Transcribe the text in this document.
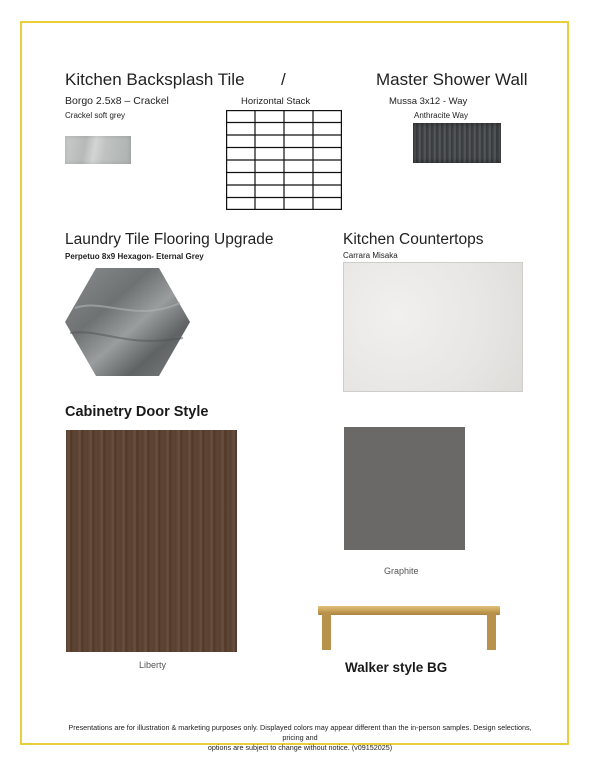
Kitchen Backsplash Tile /
Borgo 2.5x8 – Crackel
Crackel soft grey
Horizontal Stack
Master Shower Wall
Mussa 3x12 - Way
Anthracite Way
Laundry Tile Flooring Upgrade
Perpetuo 8x9 Hexagon- Eternal Grey
Kitchen Countertops
Carrara Misaka
Cabinetry Door Style
Liberty
Graphite
Walker style BG
Presentations are for illustration & marketing purposes only. Displayed colors may appear different than the in-person samples. Design selections, pricing and
options are subject to change without notice. (v09152025)
